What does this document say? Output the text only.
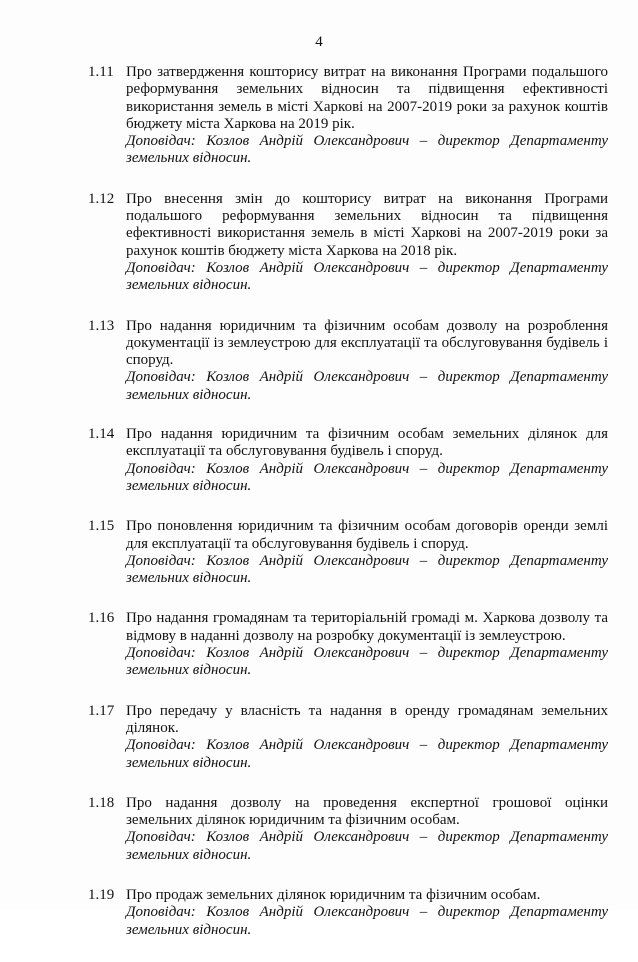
4
1.11 Про затвердження кошторису витрат на виконання Програми подальшого реформування земельних відносин та підвищення ефективності використання земель в місті Харкові на 2007-2019 роки за рахунок коштів бюджету міста Харкова на 2019 рік.

Доповідач: Козлов Андрій Олександрович – директор Департаменту земельних відносин.

1.12 Про внесення змін до кошторису витрат на виконання Програми подальшого реформування земельних відносин та підвищення ефективності використання земель в місті Харкові на 2007-2019 роки за рахунок коштів бюджету міста Харкова на 2018 рік.

Доповідач: Козлов Андрій Олександрович – директор Департаменту земельних відносин.

1.13 Про надання юридичним та фізичним особам дозволу на розроблення документації із землеустрою для експлуатації та обслуговування будівель і споруд.

Доповідач: Козлов Андрій Олександрович – директор Департаменту земельних відносин.

1.14 Про надання юридичним та фізичним особам земельних ділянок для експлуатації та обслуговування будівель і споруд.

Доповідач: Козлов Андрій Олександрович – директор Департаменту земельних відносин.

1.15 Про поновлення юридичним та фізичним особам договорів оренди землі для експлуатації та обслуговування будівель і споруд.

Доповідач: Козлов Андрій Олександрович – директор Департаменту земельних відносин.

1.16 Про надання громадянам та територіальній громаді м. Харкова дозволу та відмову в наданні дозволу на розробку документації із землеустрою.

Доповідач: Козлов Андрій Олександрович – директор Департаменту земельних відносин.

1.17 Про передачу у власність та надання в оренду громадянам земельних ділянок.

Доповідач: Козлов Андрій Олександрович – директор Департаменту земельних відносин.

1.18 Про надання дозволу на проведення експертної грошової оцінки земельних ділянок юридичним та фізичним особам.

Доповідач: Козлов Андрій Олександрович – директор Департаменту земельних відносин.

1.19 Про продаж земельних ділянок юридичним та фізичним особам.

Доповідач: Козлов Андрій Олександрович – директор Департаменту земельних відносин.
